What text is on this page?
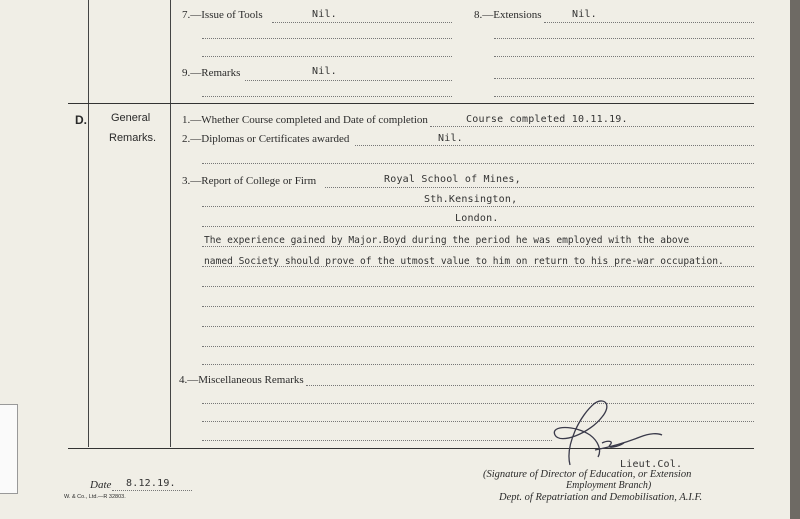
7.—Issue of Tools	Nil.	8.—Extensions	Nil.
9.—Remarks	Nil.
D. General
Remarks.
1.—Whether Course completed and Date of completion	Course completed 10.11.19.
2.—Diplomas or Certificates awarded	Nil.
3.—Report of College or Firm	Royal School of Mines,
Sth.Kensington,
London.
The experience gained by Major.Boyd during the period he was employed with the above
named Society should prove of the utmost value to him on return to his pre-war occupation.
4.—Miscellaneous Remarks
Date 8.12.19.
W. & Co., Ltd.—R 32803.
Lieut.Col.
(Signature of Director of Education, or Extension
Employment Branch)
Dept. of Repatriation and Demobilisation, A.I.F.
